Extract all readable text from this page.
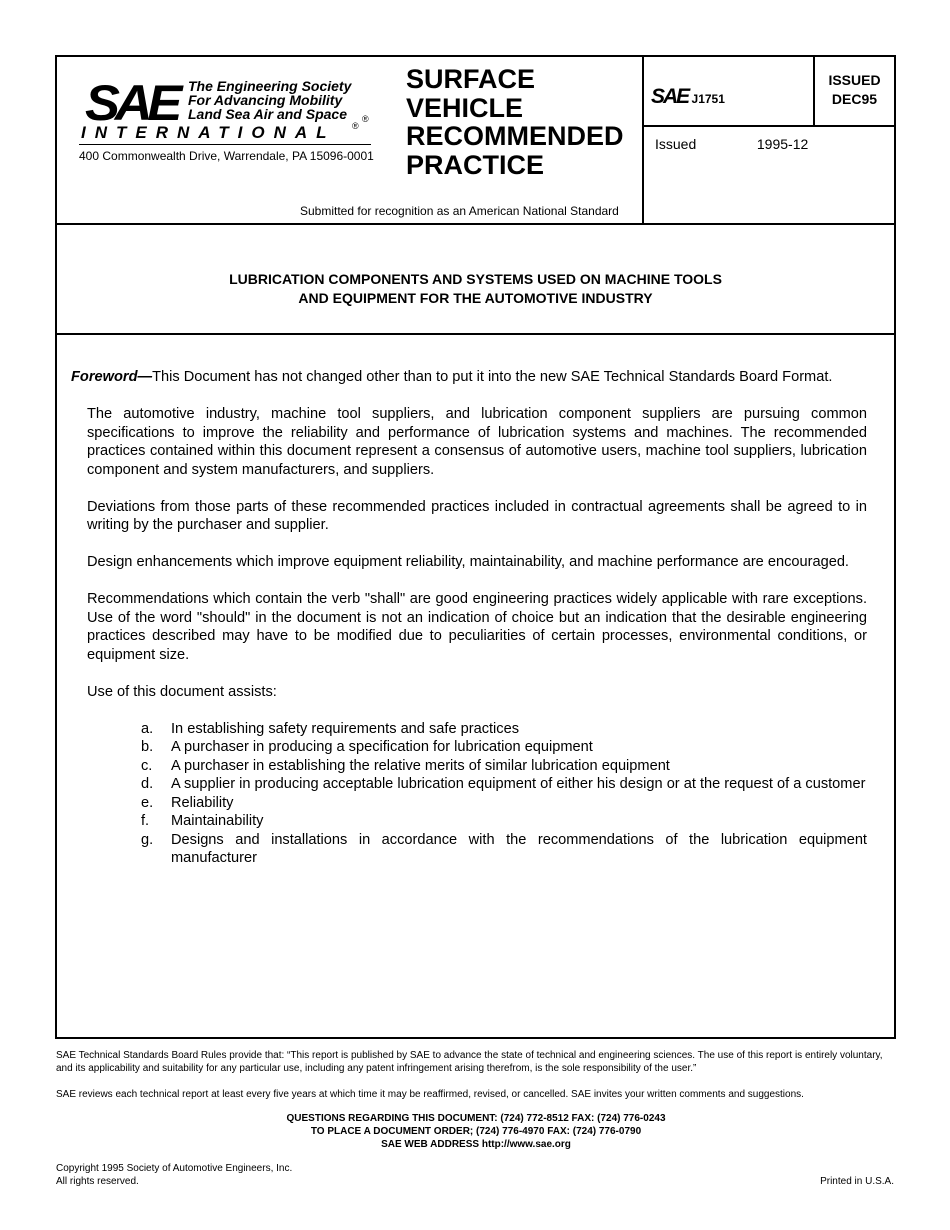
SAE The Engineering Society
For Advancing Mobility
Land Sea Air and Space	®
INTERNATIONAL ®
400 Commonwealth Drive, Warrendale, PA 15096-0001
SURFACE
VEHICLE
RECOMMENDED
PRACTICE
Submitted for recognition as an American National Standard
SAE J1751
ISSUED
DEC95
Issued	1995-12
LUBRICATION COMPONENTS AND SYSTEMS USED ON MACHINE TOOLS
AND EQUIPMENT FOR THE AUTOMOTIVE INDUSTRY

Foreword—This Document has not changed other than to put it into the new SAE Technical Standards Board Format.

The automotive industry, machine tool suppliers, and lubrication component suppliers are pursuing common specifications to improve the reliability and performance of lubrication systems and machines. The recommended practices contained within this document represent a consensus of automotive users, machine tool suppliers, lubrication component and system manufacturers, and suppliers.

Deviations from those parts of these recommended practices included in contractual agreements shall be agreed to in writing by the purchaser and supplier.

Design enhancements which improve equipment reliability, maintainability, and machine performance are encouraged.

Recommendations which contain the verb "shall" are good engineering practices widely applicable with rare exceptions. Use of the word "should" in the document is not an indication of choice but an indication that the desirable engineering practices described may have to be modified due to peculiarities of certain processes, environmental conditions, or equipment size.

Use of this document assists:

a. In establishing safety requirements and safe practices
b. A purchaser in producing a specification for lubrication equipment
c. A purchaser in establishing the relative merits of similar lubrication equipment
d. A supplier in producing acceptable lubrication equipment of either his design or at the request of a customer
e. Reliability
f. Maintainability
g. Designs and installations in accordance with the recommendations of the lubrication equipment manufacturer
SAE Technical Standards Board Rules provide that: “This report is published by SAE to advance the state of technical and engineering sciences. The use of this report is entirely voluntary, and its applicability and suitability for any particular use, including any patent infringement arising therefrom, is the sole responsibility of the user.”
SAE reviews each technical report at least every five years at which time it may be reaffirmed, revised, or cancelled. SAE invites your written comments and suggestions.
QUESTIONS REGARDING THIS DOCUMENT: (724) 772-8512 FAX: (724) 776-0243
TO PLACE A DOCUMENT ORDER; (724) 776-4970 FAX: (724) 776-0790
SAE WEB ADDRESS http://www.sae.org
Copyright 1995 Society of Automotive Engineers, Inc.
All rights reserved.	Printed in U.S.A.
